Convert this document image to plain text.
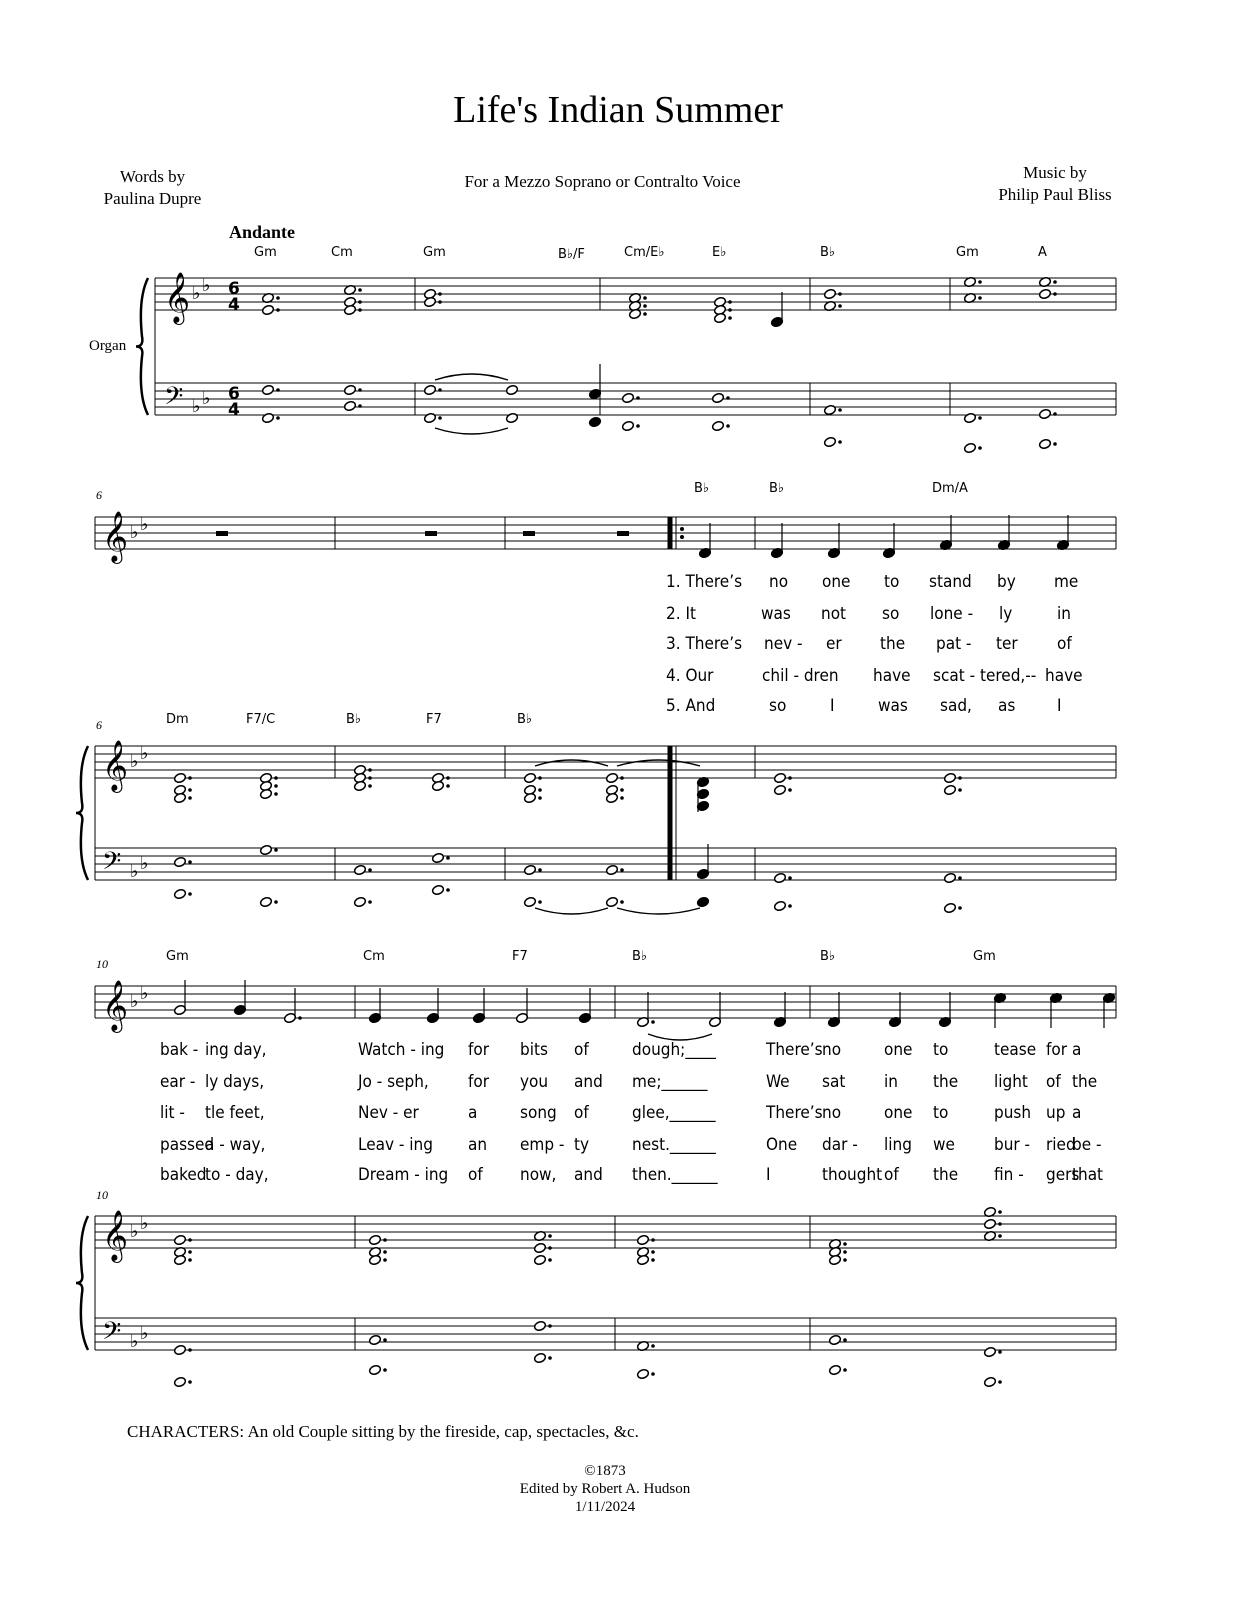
Life's Indian Summer
Words by
Paulina Dupre
For a Mezzo Soprano or Contralto Voice	Music by
Philip Paul Bliss
Andante
Gm	Cm	Gm	B♭/F	Cm/E♭	E♭	B♭	Gm	A
Organ
6	B♭	B♭	Dm/A
1. There’s no one to stand by me
2. It	was not so lone - ly	in
3. There’s nev - er the pat - ter of
4. Our	chil - dren have scat - tered,-- have
5. And	so	I	was sad, as I
6	Dm	F7/C	B♭	F7	B♭
10	Gm	Cm	F7	B♭	B♭	Gm
bak - ing day,	Watch - ing for bits of	dough;____	There’s no	one to	tease for a
ear - ly days,	Jo - seph, for you and me;______	We sat in the light of the
lit - tle feet,	Nev - er	a	song of	glee,______	There’s no	one to	push up a
passed
a - way,	Leav - ing an emp - ty	nest.______	One dar - ling we bur - ried
be -
baked
to - day,	Dream - ing of now, and then.______	I	thought of the fin - gers
that
10
CHARACTERS: An old Couple sitting by the fireside, cap, spectacles, &c.
©1873
Edited by Robert A. Hudson
1/11/2024
𝄞
𝄢
♭ ♭
♭ ♭
6
4
6
4
𝄞 ♭ ♭
𝄞
𝄢
♭ ♭
♭ ♭
𝄞 ♭ ♭
𝄞
𝄢
♭ ♭
♭ ♭
